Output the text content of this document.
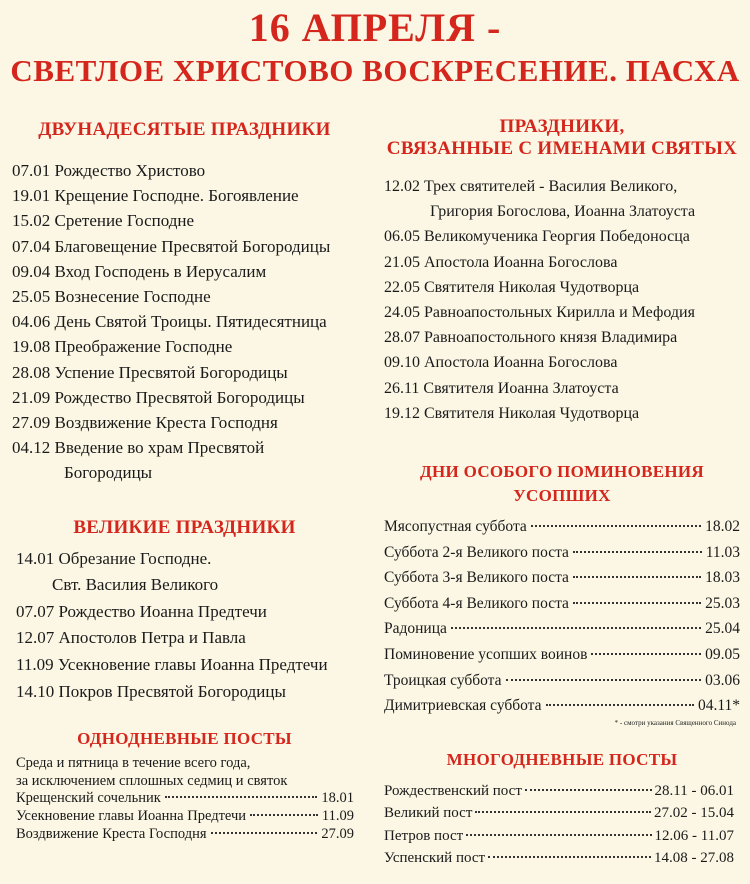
16 АПРЕЛЯ -
СВЕТЛОЕ ХРИСТОВО ВОСКРЕСЕНИЕ. ПАСХА
ДВУНАДЕСЯТЫЕ ПРАЗДНИКИ
07.01 Рождество Христово
19.01 Крещение Господне. Богоявление
15.02 Сретение Господне
07.04 Благовещение Пресвятой Богородицы
09.04 Вход Господень в Иерусалим
25.05 Вознесение Господне
04.06 День Святой Троицы. Пятидесятница
19.08 Преображение Господне
28.08 Успение Пресвятой Богородицы
21.09 Рождество Пресвятой Богородицы
27.09 Воздвижение Креста Господня
04.12 Введение во храм Пресвятой
Богородицы
ВЕЛИКИЕ ПРАЗДНИКИ
14.01 Обрезание Господне.
Свт. Василия Великого
07.07 Рождество Иоанна Предтечи
12.07 Апостолов Петра и Павла
11.09 Усекновение главы Иоанна Предтечи
14.10 Покров Пресвятой Богородицы
ОДНОДНЕВНЫЕ ПОСТЫ
Среда и пятница в течение всего года,
за исключением сплошных седмиц и святок
Крещенский сочельник	18.01
Усекновение главы Иоанна Предтечи	11.09
Воздвижение Креста Господня	27.09
ПРАЗДНИКИ,
СВЯЗАННЫЕ С ИМЕНАМИ СВЯТЫХ
12.02 Трех святителей - Василия Великого,
Григория Богослова, Иоанна Златоуста
06.05 Великомученика Георгия Победоносца
21.05 Апостола Иоанна Богослова
22.05 Святителя Николая Чудотворца
24.05 Равноапостольных Кирилла и Мефодия
28.07 Равноапостольного князя Владимира
09.10 Апостола Иоанна Богослова
26.11 Святителя Иоанна Златоуста
19.12 Святителя Николая Чудотворца
ДНИ ОСОБОГО ПОМИНОВЕНИЯ УСОПШИХ
Мясопустная суббота	18.02
Суббота 2-я Великого поста	11.03
Суббота 3-я Великого поста	18.03
Суббота 4-я Великого поста	25.03
Радоница	25.04
Поминовение усопших воинов	09.05
Троицкая суббота	03.06
Димитриевская суббота	04.11*
* - смотри указания Священного Синода
МНОГОДНЕВНЫЕ ПОСТЫ
Рождественский пост	28.11 - 06.01
Великий пост	27.02 - 15.04
Петров пост	12.06 - 11.07
Успенский пост	14.08 - 27.08
